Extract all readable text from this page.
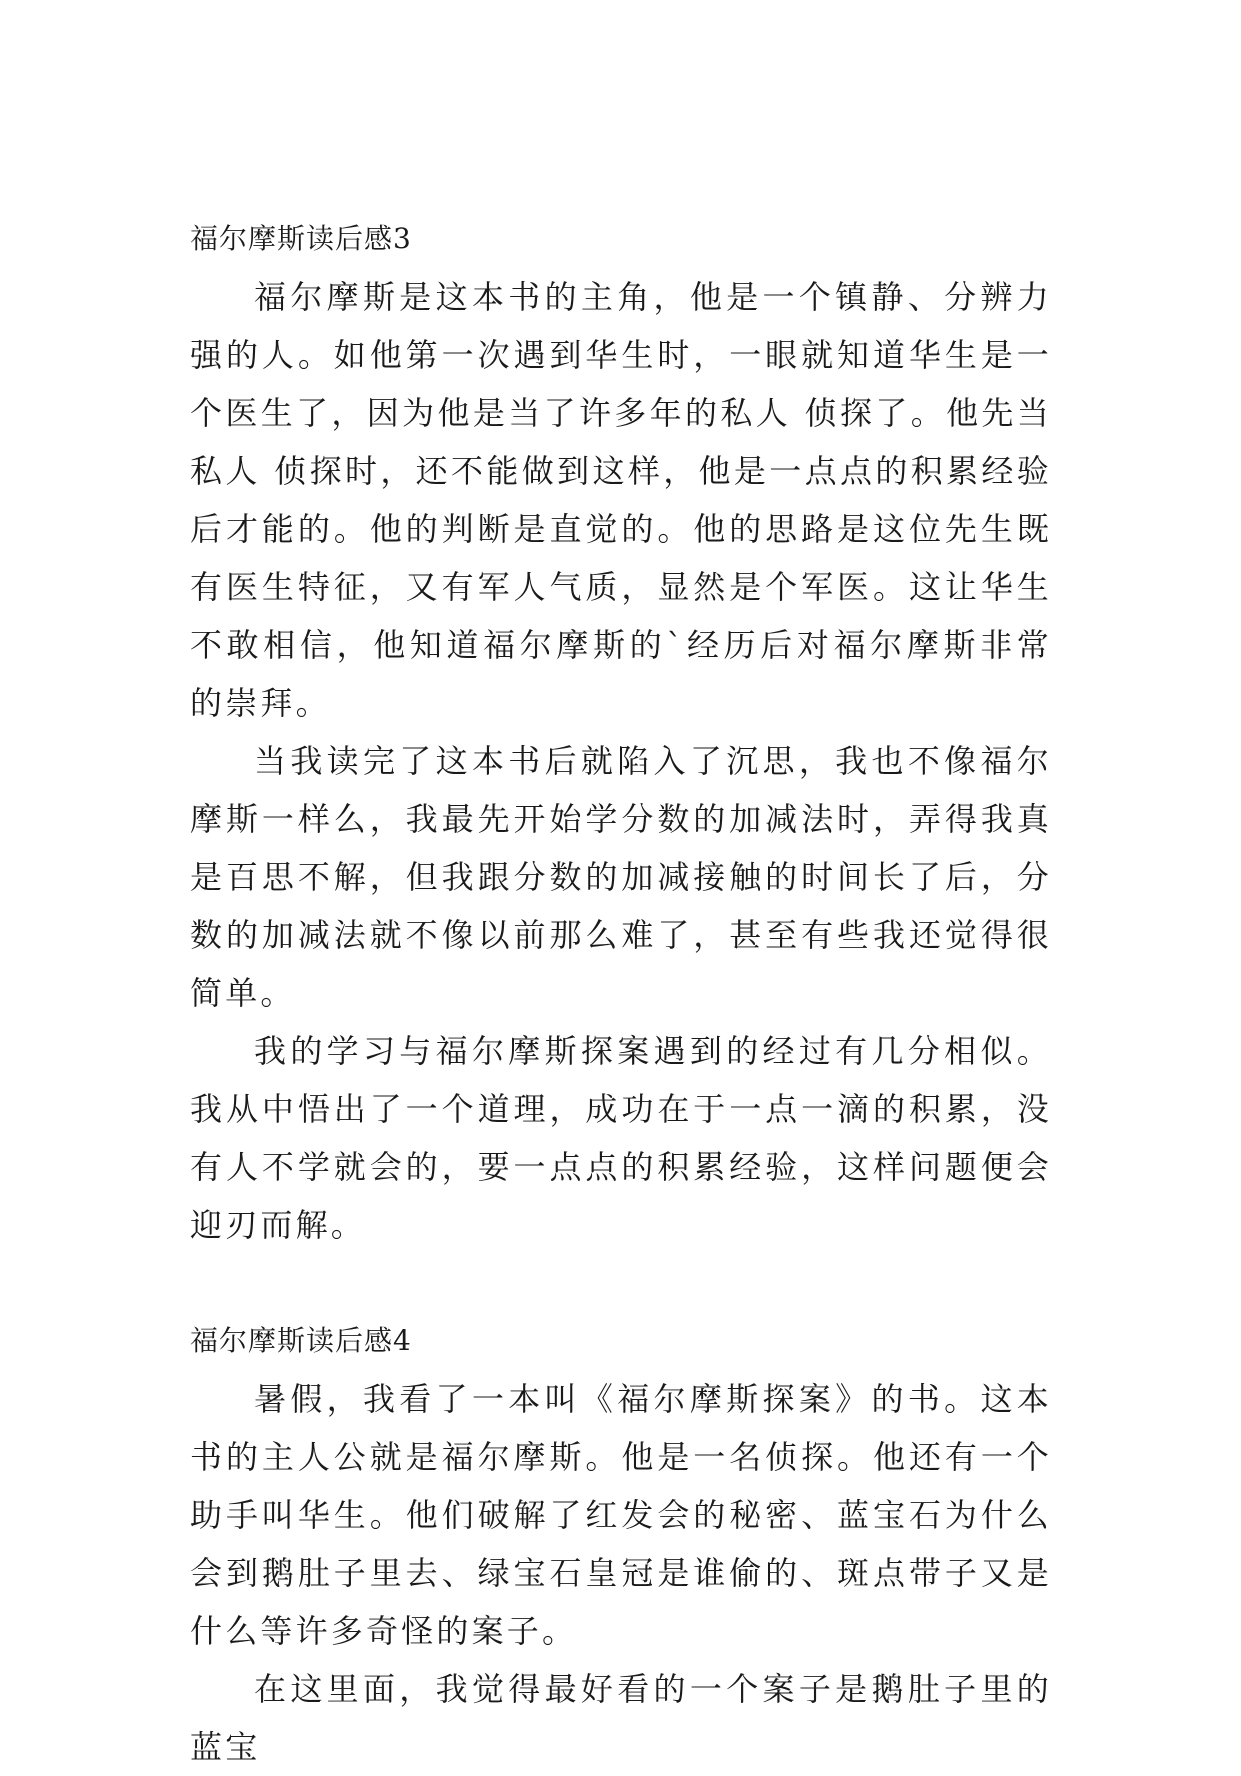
福尔摩斯读后感3

福尔摩斯是这本书的主角，他是一个镇静、分辨力强的人。如他第一次遇到华生时，一眼就知道华生是一个医生了，因为他是当了许多年的私人 侦探了。他先当私人 侦探时，还不能做到这样，他是一点点的积累经验后才能的。他的判断是直觉的。他的思路是这位先生既有医生特征，又有军人气质，显然是个军医。这让华生不敢相信，他知道福尔摩斯的`经历后对福尔摩斯非常的崇拜。

当我读完了这本书后就陷入了沉思，我也不像福尔摩斯一样么，我最先开始学分数的加减法时，弄得我真是百思不解，但我跟分数的加减接触的时间长了后，分数的加减法就不像以前那么难了，甚至有些我还觉得很简单。

我的学习与福尔摩斯探案遇到的经过有几分相似。我从中悟出了一个道理，成功在于一点一滴的积累，没有人不学就会的，要一点点的积累经验，这样问题便会迎刃而解。

福尔摩斯读后感4

暑假，我看了一本叫《福尔摩斯探案》的书。这本书的主人公就是福尔摩斯。他是一名侦探。他还有一个助手叫华生。他们破解了红发会的秘密、蓝宝石为什么会到鹅肚子里去、绿宝石皇冠是谁偷的、斑点带子又是什么等许多奇怪的案子。

在这里面，我觉得最好看的一个案子是鹅肚子里的蓝宝
